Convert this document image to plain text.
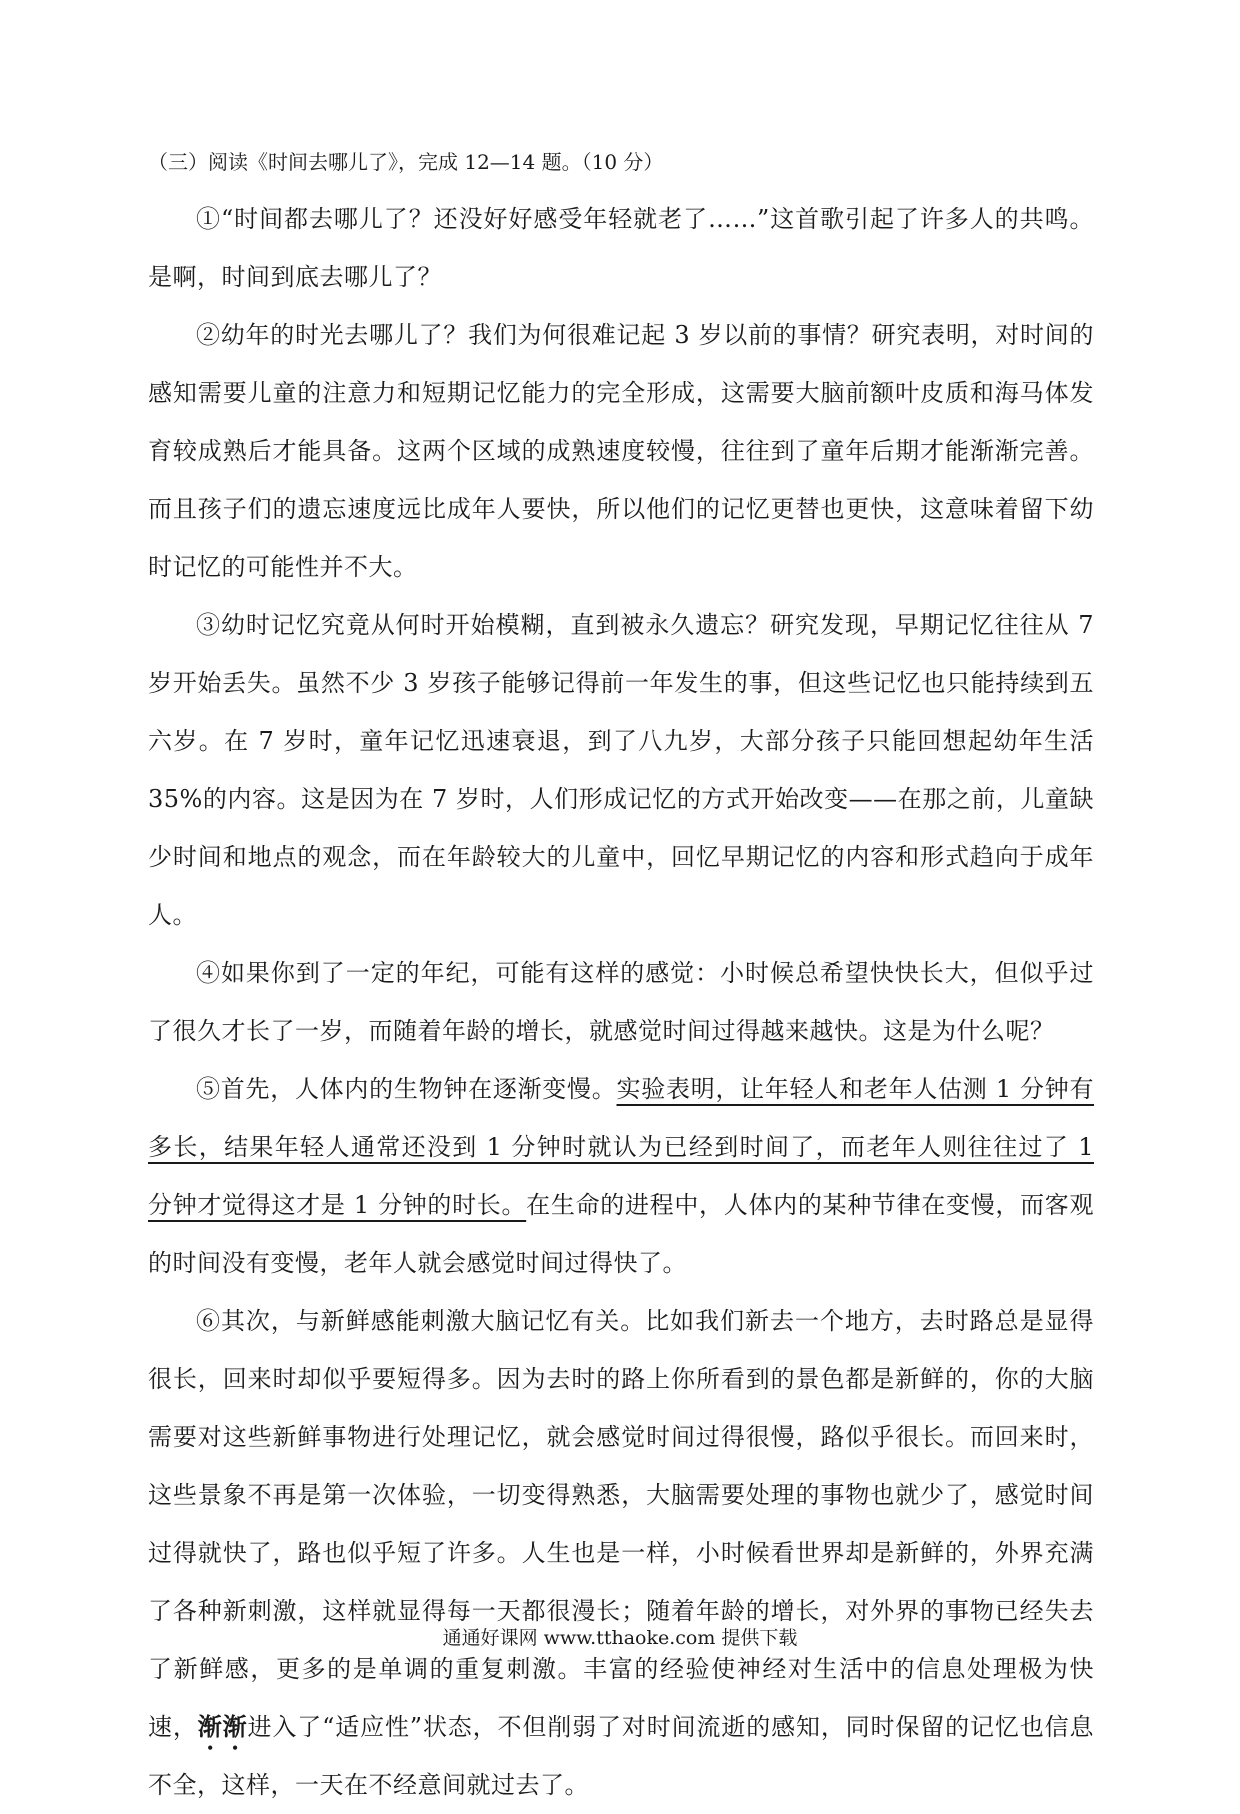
（三）阅读《时间去哪儿了》，完成 12—14 题。（10 分）

①“时间都去哪儿了？还没好好感受年轻就老了……”这首歌引起了许多人的共鸣。是啊，时间到底去哪儿了？

②幼年的时光去哪儿了？我们为何很难记起 3 岁以前的事情？研究表明，对时间的感知需要儿童的注意力和短期记忆能力的完全形成，这需要大脑前额叶皮质和海马体发育较成熟后才能具备。这两个区域的成熟速度较慢，往往到了童年后期才能渐渐完善。而且孩子们的遗忘速度远比成年人要快，所以他们的记忆更替也更快，这意味着留下幼时记忆的可能性并不大。

③幼时记忆究竟从何时开始模糊，直到被永久遗忘？研究发现，早期记忆往往从 7 岁开始丢失。虽然不少 3 岁孩子能够记得前一年发生的事，但这些记忆也只能持续到五六岁。在 7 岁时，童年记忆迅速衰退，到了八九岁，大部分孩子只能回想起幼年生活 35%的内容。这是因为在 7 岁时，人们形成记忆的方式开始改变——在那之前，儿童缺少时间和地点的观念，而在年龄较大的儿童中，回忆早期记忆的内容和形式趋向于成年人。

④如果你到了一定的年纪，可能有这样的感觉：小时候总希望快快长大，但似乎过了很久才长了一岁，而随着年龄的增长，就感觉时间过得越来越快。这是为什么呢？

⑤首先，人体内的生物钟在逐渐变慢。实验表明，让年轻人和老年人估测 1 分钟有多长，结果年轻人通常还没到 1 分钟时就认为已经到时间了，而老年人则往往过了 1 分钟才觉得这才是 1 分钟的时长。在生命的进程中，人体内的某种节律在变慢，而客观的时间没有变慢，老年人就会感觉时间过得快了。

⑥其次，与新鲜感能刺激大脑记忆有关。比如我们新去一个地方，去时路总是显得很长，回来时却似乎要短得多。因为去时的路上你所看到的景色都是新鲜的，你的大脑需要对这些新鲜事物进行处理记忆，就会感觉时间过得很慢，路似乎很长。而回来时，这些景象不再是第一次体验，一切变得熟悉，大脑需要处理的事物也就少了，感觉时间过得就快了，路也似乎短了许多。人生也是一样，小时候看世界却是新鲜的，外界充满了各种新刺激，这样就显得每一天都很漫长；随着年龄的增长，对外界的事物已经失去了新鲜感，更多的是单调的重复刺激。丰富的经验使神经对生活中的信息处理极为快速，渐渐进入了“适应性”状态，不但削弱了对时间流逝的感知，同时保留的记忆也信息不全，这样，一天在不经意间就过去了。

通通好课网 www.tthaoke.com 提供下载
